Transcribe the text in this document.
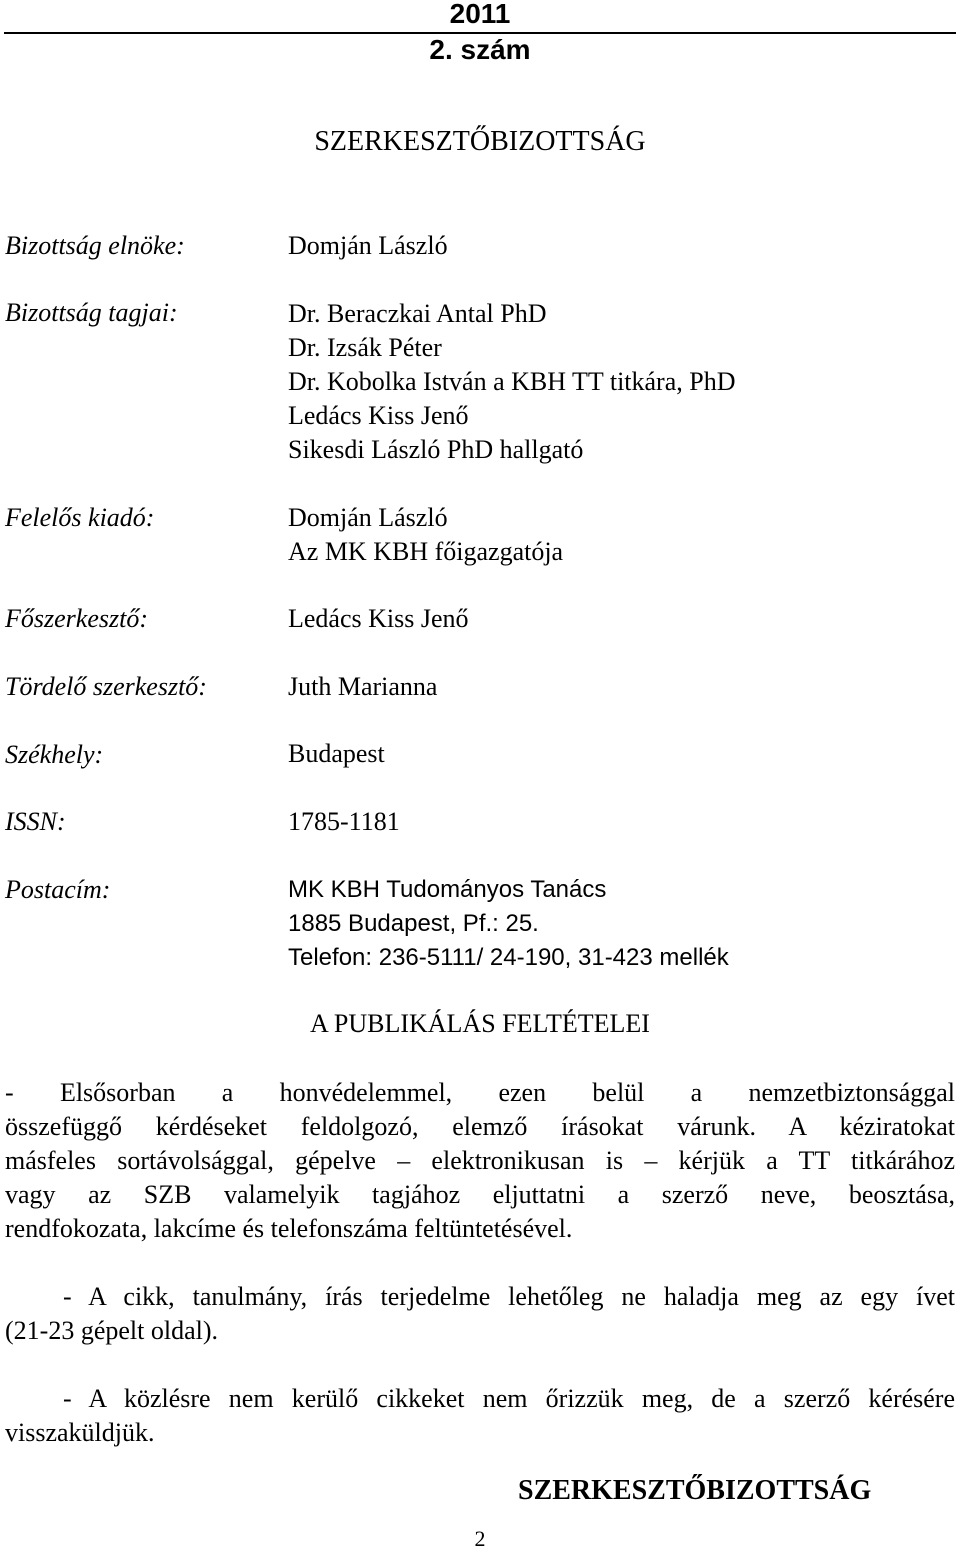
2011
2. szám
SZERKESZTŐBIZOTTSÁG
Bizottság elnöke:	Domján László
Bizottság tagjai:	Dr. Beraczkai Antal PhD
Dr. Izsák Péter
Dr. Kobolka István a KBH TT titkára, PhD
Ledács Kiss Jenő
Sikesdi László PhD hallgató
Felelős kiadó:	Domján László
Az MK KBH főigazgatója
Főszerkesztő:	Ledács Kiss Jenő
Tördelő szerkesztő:	Juth Marianna
Székhely:	Budapest
ISSN:	1785-1181
Postacím:	MK KBH Tudományos Tanács
1885 Budapest, Pf.: 25.
Telefon: 236-5111/ 24-190, 31-423 mellék
A PUBLIKÁLÁS FELTÉTELEI
- Elsősorban a honvédelemmel, ezen belül a nemzetbiztonsággal
összefüggő kérdéseket feldolgozó, elemző írásokat várunk. A kéziratokat
másfeles sortávolsággal, gépelve – elektronikusan is – kérjük a TT titkárához
vagy az SZB valamelyik tagjához eljuttatni a szerző neve, beosztása,
rendfokozata, lakcíme és telefonszáma feltüntetésével.
- A cikk, tanulmány, írás terjedelme lehetőleg ne haladja meg az egy ívet
(21-23 gépelt oldal).
- A közlésre nem kerülő cikkeket nem őrizzük meg, de a szerző kérésére
visszaküldjük.
SZERKESZTŐBIZOTTSÁG
2
